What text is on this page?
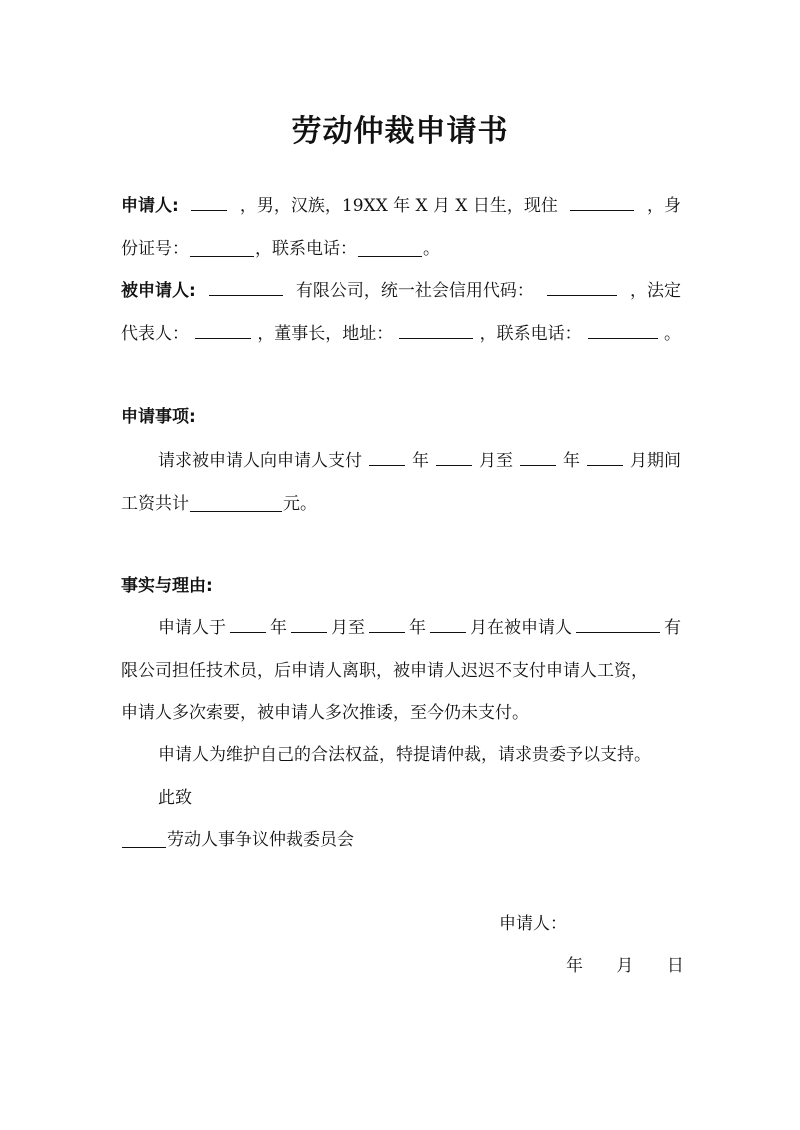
劳动仲裁申请书
申请人:	，男，汉族，19XX 年 X 月 X 日生，现住	，身
份证号：	，联系电话：	。
被申请人:	有限公司，统一社会信用代码：	，法定
代表人：	，董事长，地址：	，联系电话：	。
申请事项:
请求被申请人向申请人支付	年	月至	年	月期间
工资共计	元。
事实与理由:
申请人于	年	月至	年	月在被申请人	有
限公司担任技术员，后申请人离职，被申请人迟迟不支付申请人工资，
申请人多次索要，被申请人多次推诿，至今仍未支付。
申请人为维护自己的合法权益，特提请仲裁，请求贵委予以支持。
此致
劳动人事争议仲裁委员会
申请人：
年 月 日
